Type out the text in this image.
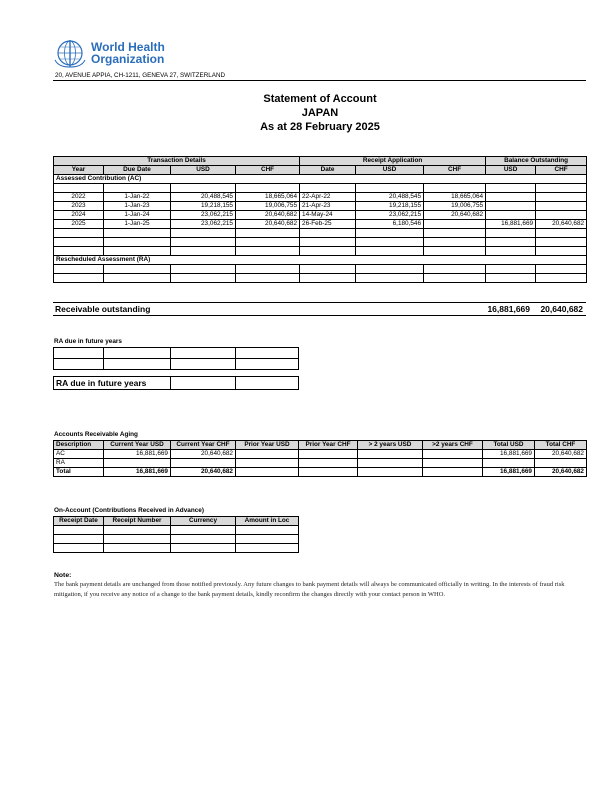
World Health
Organization
20, AVENUE APPIA, CH-1211, GENEVA 27, SWITZERLAND
Statement of Account
JAPAN
As at 28 February 2025
Transaction Details				Receipt Application			Balance Outstanding	
Year	Due Date	USD	CHF	Date	USD	CHF	USD	CHF
Assessed Contribution (AC)								

2022	1-Jan-22	20,488,545	18,665,064	22-Apr-22	20,488,545	18,665,064		
2023	1-Jan-23	19,218,155	19,006,755	21-Apr-23	19,218,155	19,006,755		
2024	1-Jan-24	23,062,215	20,640,682	14-May-24	23,062,215	20,640,682		
2025	1-Jan-25	23,062,215	20,640,682	26-Feb-25	6,180,546		16,881,669	20,640,682

Rescheduled Assessment (RA)								

Receivable outstanding	16,881,669 20,640,682
RA due in future years

RA due in future years		
Accounts Receivable Aging
Description	Current Year USD	Current Year CHF	Prior Year USD	Prior Year CHF	> 2 years USD	>2 years CHF	Total USD	Total CHF
AC	16,881,669	20,640,682					16,881,669	20,640,682
RA								
Total	16,881,669	20,640,682					16,881,669	20,640,682
On-Account (Contributions Received in Advance)
Receipt Date	Receipt Number	Currency	Amount in Loc

Note:
The bank payment details are unchanged from those notified previously. Any future changes to bank payment details will always be communicated officially in writing. In the interests of fraud risk mitigation, if you receive any notice of a change to the bank payment details, kindly reconfirm the changes directly with your contact person in WHO.
